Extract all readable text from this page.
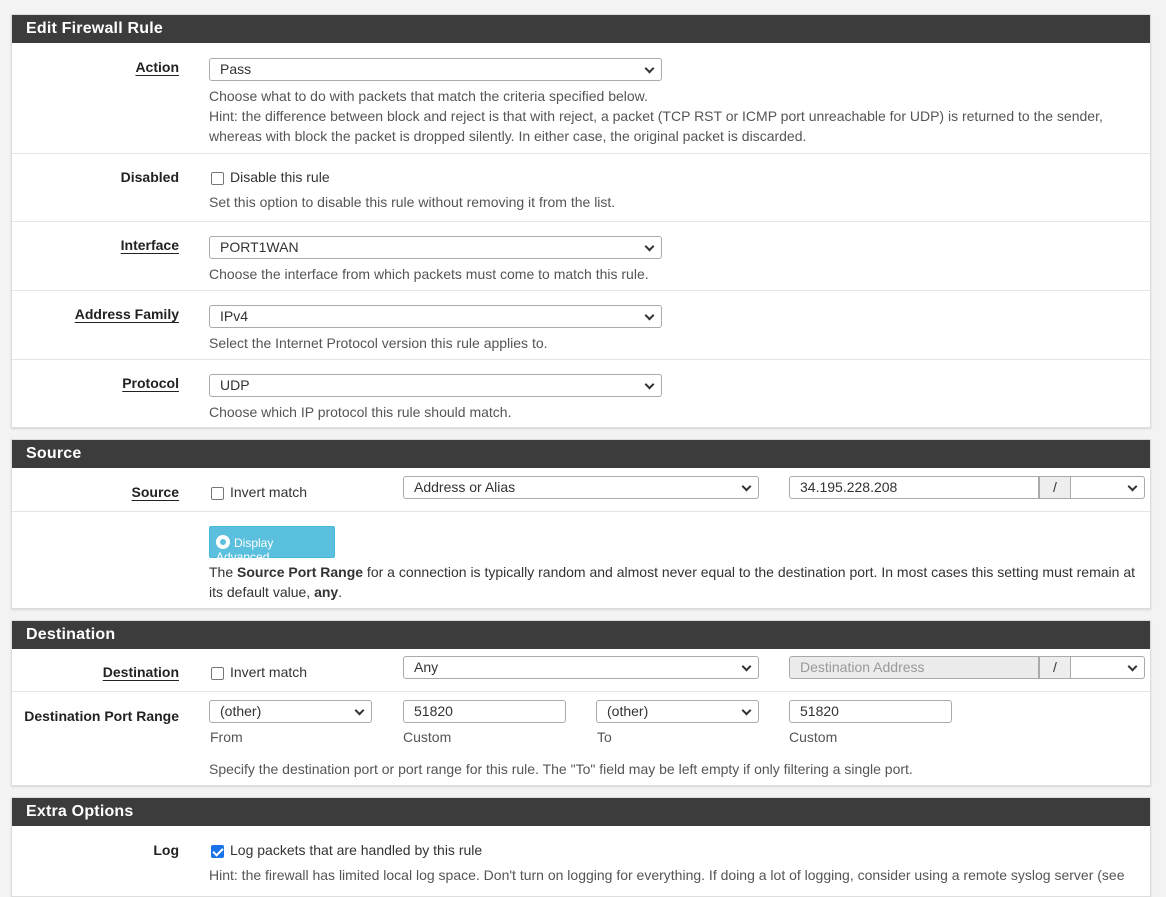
Edit Firewall Rule
Action	Pass
Choose what to do with packets that match the criteria specified below.
Hint: the difference between block and reject is that with reject, a packet (TCP RST or ICMP port unreachable for UDP) is returned to the sender,
whereas with block the packet is dropped silently. In either case, the original packet is discarded.
Disabled	Disable this rule
Set this option to disable this rule without removing it from the list.
Interface	PORT1WAN
Choose the interface from which packets must come to match this rule.
Address Family	IPv4
Select the Internet Protocol version this rule applies to.
Protocol	UDP
Choose which IP protocol this rule should match.
Source
Source	Invert match	Address or Alias	34.195.228.208	/
Display Advanced
The Source Port Range for a connection is typically random and almost never equal to the destination port. In most cases this setting must remain at
its default value, any.
Destination
Destination	Invert match	Any	Destination Address	/
Destination Port Range	(other)	51820	(other)	51820
From	Custom	To	Custom
Specify the destination port or port range for this rule. The "To" field may be left empty if only filtering a single port.
Extra Options
Log	Log packets that are handled by this rule
Hint: the firewall has limited local log space. Don't turn on logging for everything. If doing a lot of logging, consider using a remote syslog server (see
